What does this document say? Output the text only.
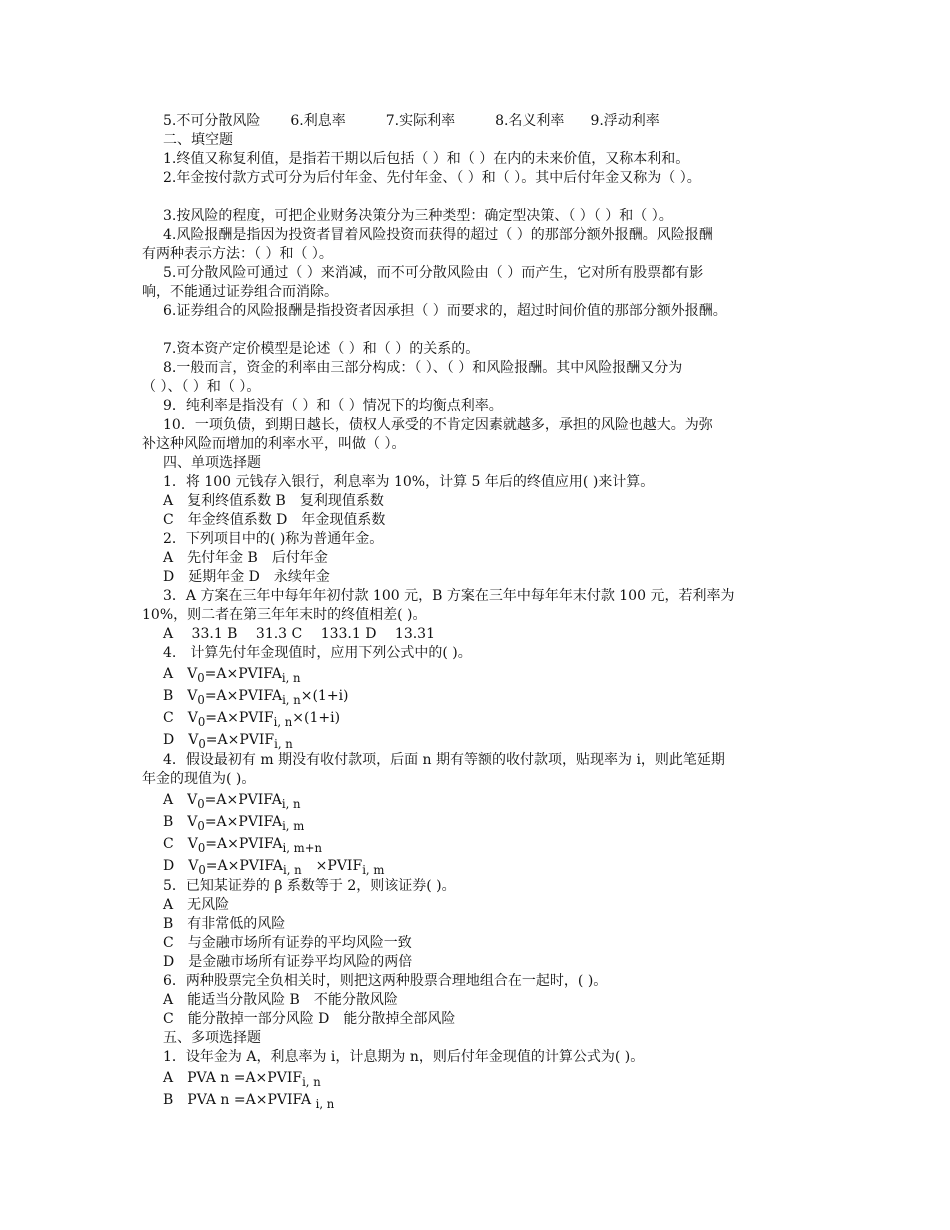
5.不可分散风险 6.利息率	7.实际利率	8.名义利率 9.浮动利率
二、填空题
1.终值又称复利值，是指若干期以后包括（ ）和（ ）在内的未来价值，又称本利和。
2.年金按付款方式可分为后付年金、先付年金、（ ）和（ ）。其中后付年金又称为（ ）。
3.按风险的程度，可把企业财务决策分为三种类型：确定型决策、（ ）（ ）和（ ）。
4.风险报酬是指因为投资者冒着风险投资而获得的超过（ ）的那部分额外报酬。风险报酬
有两种表示方法：（ ）和（ ）。
5.可分散风险可通过（ ）来消减，而不可分散风险由（ ）而产生，它对所有股票都有影
响，不能通过证券组合而消除。
6.证券组合的风险报酬是指投资者因承担（ ）而要求的，超过时间价值的那部分额外报酬。
7.资本资产定价模型是论述（ ）和（ ）的关系的。
8.一般而言，资金的利率由三部分构成：（ ）、（ ）和风险报酬。其中风险报酬又分为
（ ）、（ ）和（ ）。
9．纯利率是指没有（ ）和（ ）情况下的均衡点利率。
10．一项负债，到期日越长，债权人承受的不肯定因素就越多，承担的风险也越大。为弥
补这种风险而增加的利率水平，叫做（ ）。
四、单项选择题
1．将 100 元钱存入银行，利息率为 10%，计算 5 年后的终值应用( )来计算。
A　复利终值系数 B　复利现值系数
C　年金终值系数 D　年金现值系数
2．下列项目中的( )称为普通年金。
A　先付年金 B　后付年金
D　延期年金 D　永续年金
3．A 方案在三年中每年年初付款 100 元，B 方案在三年中每年年末付款 100 元，若利率为
10%，则二者在第三年年末时的终值相差( )。
A　 33.1 B　 31.3 C　 133.1 D　 13.31
4.　计算先付年金现值时，应用下列公式中的( )。
A　$V_0=A\times PVIFA_{i, n}$
B　$V_0=A\times PVIFA_{i, n}\times(1+i)$
C　$V_0=A\times PVIF_{i, n}\times(1+i)$
D　$V_0=A\times PVIF_{i, n}$
4．假设最初有 m 期没有收付款项，后面 n 期有等额的收付款项，贴现率为 i，则此笔延期
年金的现值为( )。
A　$V_0=A\times PVIFA_{i, n}$
B　$V_0=A\times PVIFA_{i, m}$
C　$V_0=A\times PVIFA_{i, m+n}$
D　$V_0=A\times PVIFA_{i, n}$　$\times PVIF_{i, m}$
5．已知某证券的 β 系数等于 2，则该证券( )。
A　无风险
B　有非常低的风险
C　与金融市场所有证券的平均风险一致
D　是金融市场所有证券平均风险的两倍
6．两种股票完全负相关时，则把这两种股票合理地组合在一起时，( )。
A　能适当分散风险 B　不能分散风险
C　能分散掉一部分风险 D　能分散掉全部风险
五、多项选择题
1．设年金为 A，利息率为 i，计息期为 n，则后付年金现值的计算公式为( )。
A　PVA $n =A\times PVIF_{i, n}$
B　PVA n =A×PVIFA $_{i, n}$
